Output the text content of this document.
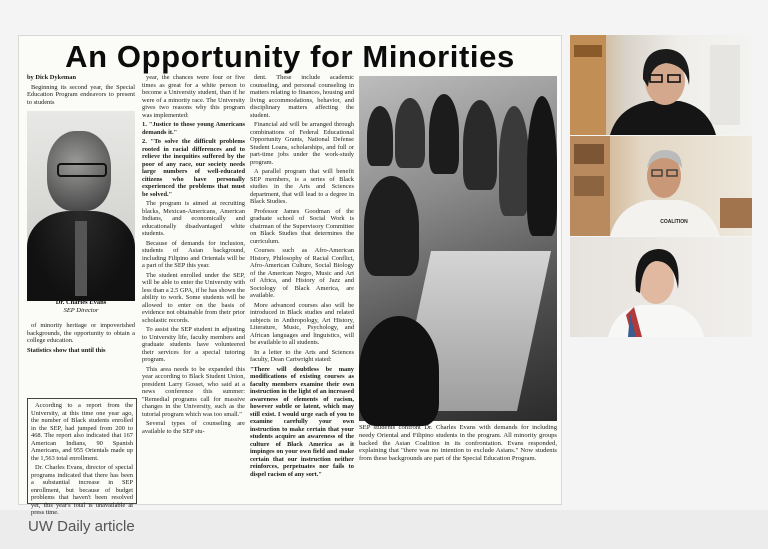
An Opportunity for Minorities

by Dick Dykeman

Beginning its second year, the Special Education Program endeavors to present to students

Dr. Charles Evans
SEP Director

of minority heritage or impoverished backgrounds, the opportunity to obtain a college education.

Statistics show that until this

According to a report from the University, at this time one year ago, the number of Black students enrolled in the SEP, had jumped from 200 to 468. The report also indicated that 167 American Indians, 90 Spanish Americans, and 955 Orientals made up the 1,563 total enrollment.

Dr. Charles Evans, director of special programs indicated that there has been a substantial increase in SEP enrollment, but because of budget problems that haven't been resolved yet, this year's total is unavailable at press time.

year, the chances were four or five times as great for a white person to become a University student, than if he were of a minority race. The University gives two reasons why this program was implemented:

1. "Justice to those young Americans demands it."

2. "To solve the difficult problems rooted in racial differences and to relieve the inequities suffered by the poor of any race, our society needs large numbers of well-educated citizens who have personally experienced the problems that must be solved."

The program is aimed at recruiting blacks, Mexican-Americans, American Indians, and economically and educationally disadvantaged white students.

Because of demands for inclusion, students of Asian background, including Filipino and Orientals will be a part of the SEP this year.

The student enrolled under the SEP, will be able to enter the University with less than a 2.5 GPA, if he has shown the ability to work. Some students will be allowed to enter on the basis of evidence not obtainable from their prior scholastic records.

To assist the SEP student in adjusting to University life, faculty members and graduate students have volunteered their services for a special tutoring program.

This area needs to be expanded this year according to Black Student Union, president Larry Gosset, who said at a news conference this summer: "Remedial programs call for massive changes in the University, such as the tutorial program which was too small."

Several types of counseling are available to the SEP stu-

dent. These include academic counseling, and personal counseling in matters relating to finances, housing and living accommodations, behavior, and disciplinary matters affecting the student.

Financial aid will be arranged through combinations of Federal Educational Opportunity Grants, National Defense Student Loans, scholarships, and full or part-time jobs under the work-study program.

A parallel program that will benefit SEP members, is a series of Black studies in the Arts and Sciences department, that will lead to a degree in Black Studies.

Professor James Goodman of the graduate school of Social Work is chairman of the Supervisory Committee on Black Studies that determines the curriculum.

Courses such as Afro-American History, Philosophy of Racial Conflict, Afro-American Culture, Social Biology of the American Negro, Music and Art of Africa, and History of Jazz and Sociology of Black America, are available.

More advanced courses also will be introduced in Black studies and related subjects in Anthropology, Art History, Literature, Music, Psychology, and African languages and linguistics, will be available to all students.

In a letter to the Arts and Sciences faculty, Dean Cartwright stated:

"There will doubtless be many modifications of existing courses as faculty members examine their own instruction in the light of an increased awareness of elements of racism, however subtle or latent, which may still exist. I would urge each of you to examine carefully your own instruction to make certain that your students acquire an awareness of the culture of Black America as it impinges on your own field and make certain that our instruction neither reinforces, perpetuates nor fails to dispel racism of any sort."

SEP students confront Dr. Charles Evans with demands for including needy Oriental and Filipino students in the program. All minority groups backed the Asian Coalition in its confrontation. Evans responded, explaining that "there was no intention to exclude Asians." Now students from these backgrounds are part of the Special Education Program.
COALITION
UW Daily article
